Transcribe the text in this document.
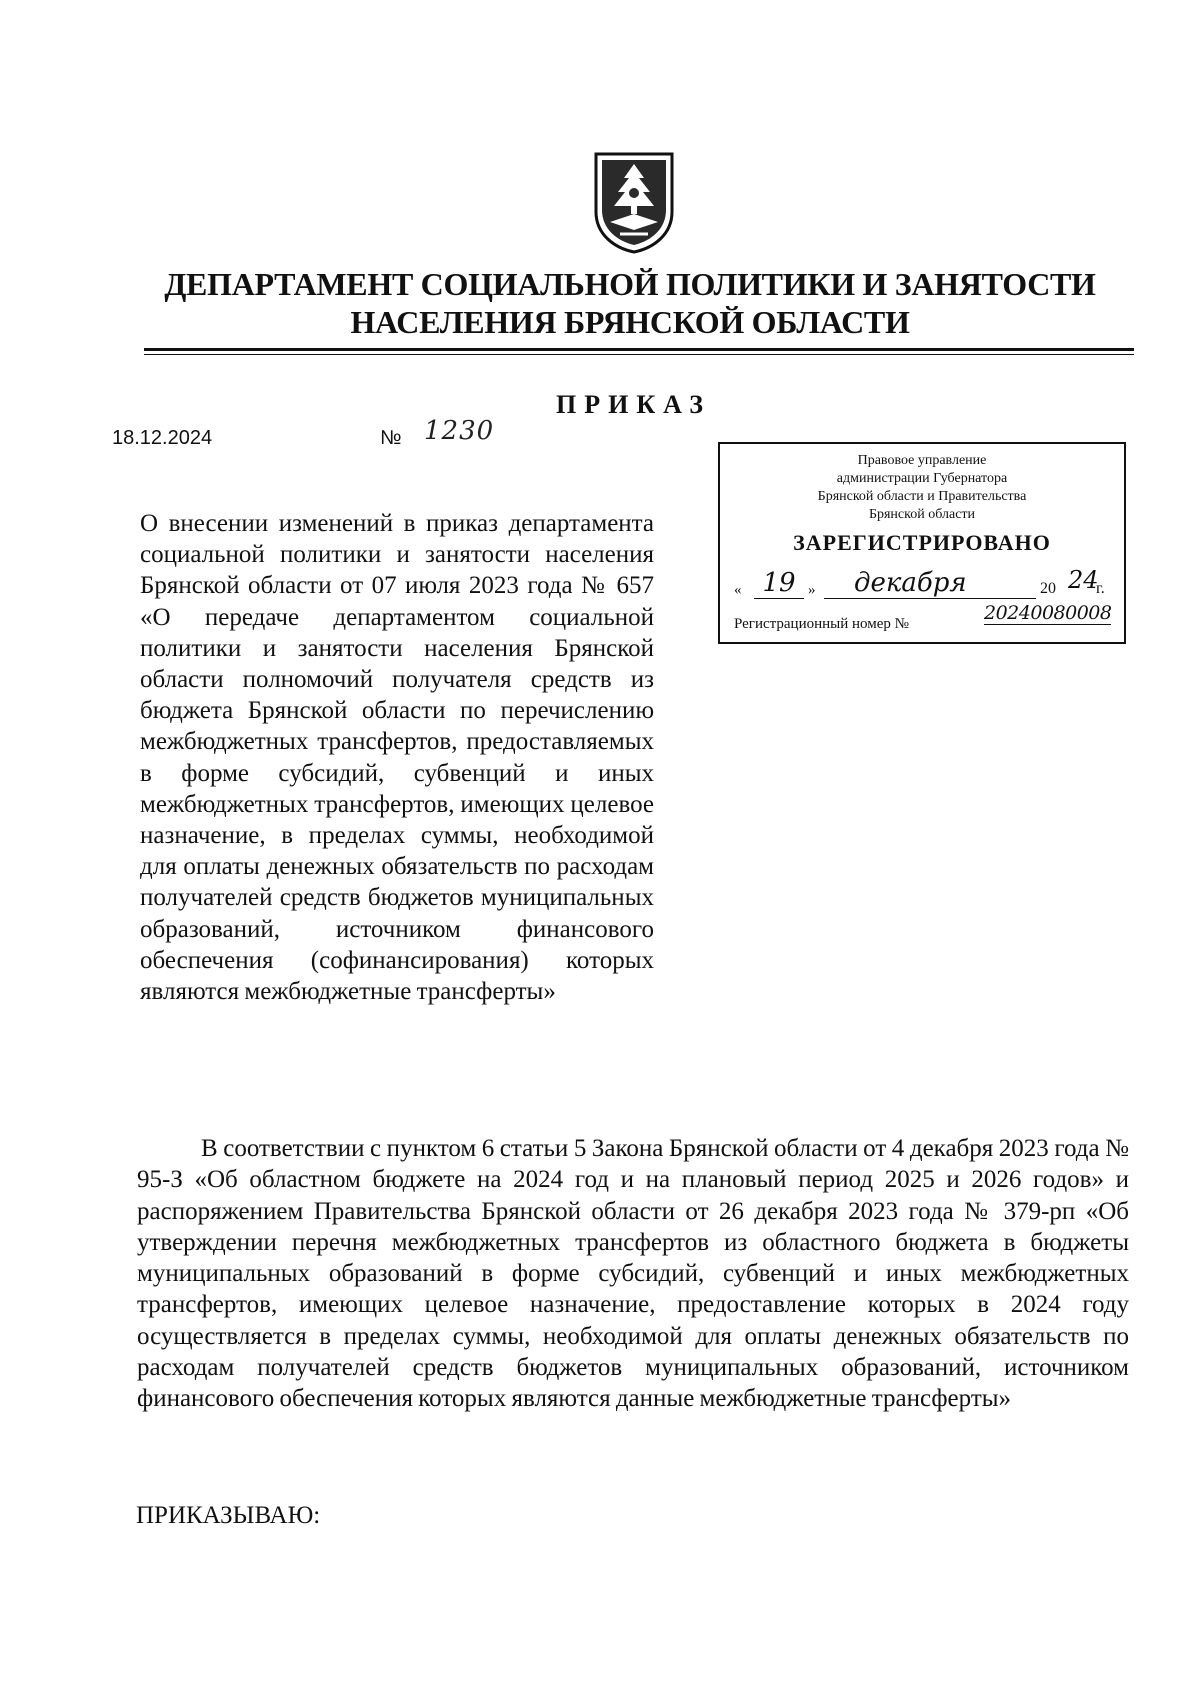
ДЕПАРТАМЕНТ СОЦИАЛЬНОЙ ПОЛИТИКИ И ЗАНЯТОСТИ
НАСЕЛЕНИЯ БРЯНСКОЙ ОБЛАСТИ
ПРИКАЗ
18.12.2024	№ 1230
Правовое управление
администрации Губернатора
Брянской области и Правительства
Брянской области
ЗАРЕГИСТРИРОВАНО
« 19 »	декабря	20 24
г.
Регистрационный номер №	20240080008

О внесении изменений в приказ департамента социальной политики и занятости населения Брянской области от 07 июля 2023 года № 657 «О передаче департаментом социальной политики и занятости населения Брянской области полномочий получателя средств из бюджета Брянской области по перечислению межбюджетных трансфертов, предоставляемых в форме субсидий, субвенций и иных межбюджетных трансфертов, имеющих целевое назначение, в пределах суммы, необходимой для оплаты денежных обязательств по расходам получателей средств бюджетов муниципальных образований, источником финансового обеспечения (софинансирования) которых являются межбюджетные трансферты»

В соответствии с пунктом 6 статьи 5 Закона Брянской области от 4 декабря 2023 года № 95-З «Об областном бюджете на 2024 год и на плановый период 2025 и 2026 годов» и распоряжением Правительства Брянской области от 26 декабря 2023 года № 379-рп «Об утверждении перечня межбюджетных трансфертов из областного бюджета в бюджеты муниципальных образований в форме субсидий, субвенций и иных межбюджетных трансфертов, имеющих целевое назначение, предоставление которых в 2024 году осуществляется в пределах суммы, необходимой для оплаты денежных обязательств по расходам получателей средств бюджетов муниципальных образований, источником финансового обеспечения которых являются данные межбюджетные трансферты»

ПРИКАЗЫВАЮ:
